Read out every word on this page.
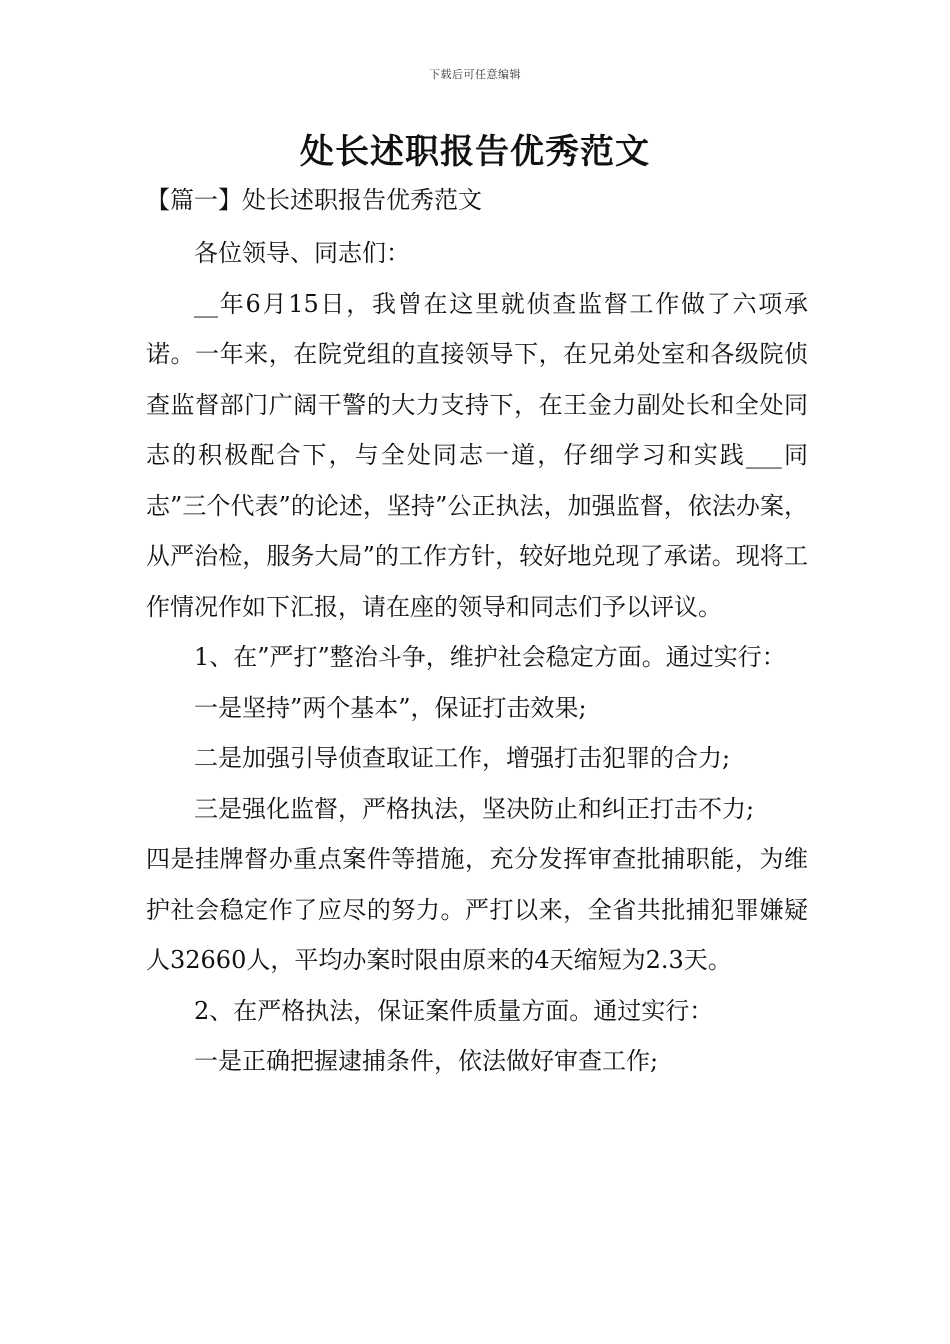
下载后可任意编辑
处长述职报告优秀范文
【篇一】处长述职报告优秀范文

各位领导、同志们：

__年6月15日，我曾在这里就侦查监督工作做了六项承诺。一年来，在院党组的直接领导下，在兄弟处室和各级院侦查监督部门广阔干警的大力支持下，在王金力副处长和全处同志的积极配合下，与全处同志一道，仔细学习和实践___同志”三个代表”的论述，坚持”公正执法，加强监督，依法办案，从严治检，服务大局”的工作方针，较好地兑现了承诺。现将工作情况作如下汇报，请在座的领导和同志们予以评议。

1、在”严打”整治斗争，维护社会稳定方面。通过实行：

一是坚持”两个基本”，保证打击效果;

二是加强引导侦查取证工作，增强打击犯罪的合力;

三是强化监督，严格执法，坚决防止和纠正打击不力;

四是挂牌督办重点案件等措施，充分发挥审查批捕职能，为维护社会稳定作了应尽的努力。严打以来，全省共批捕犯罪嫌疑人32660人，平均办案时限由原来的4天缩短为2.3天。

2、在严格执法，保证案件质量方面。通过实行：

一是正确把握逮捕条件，依法做好审查工作;
